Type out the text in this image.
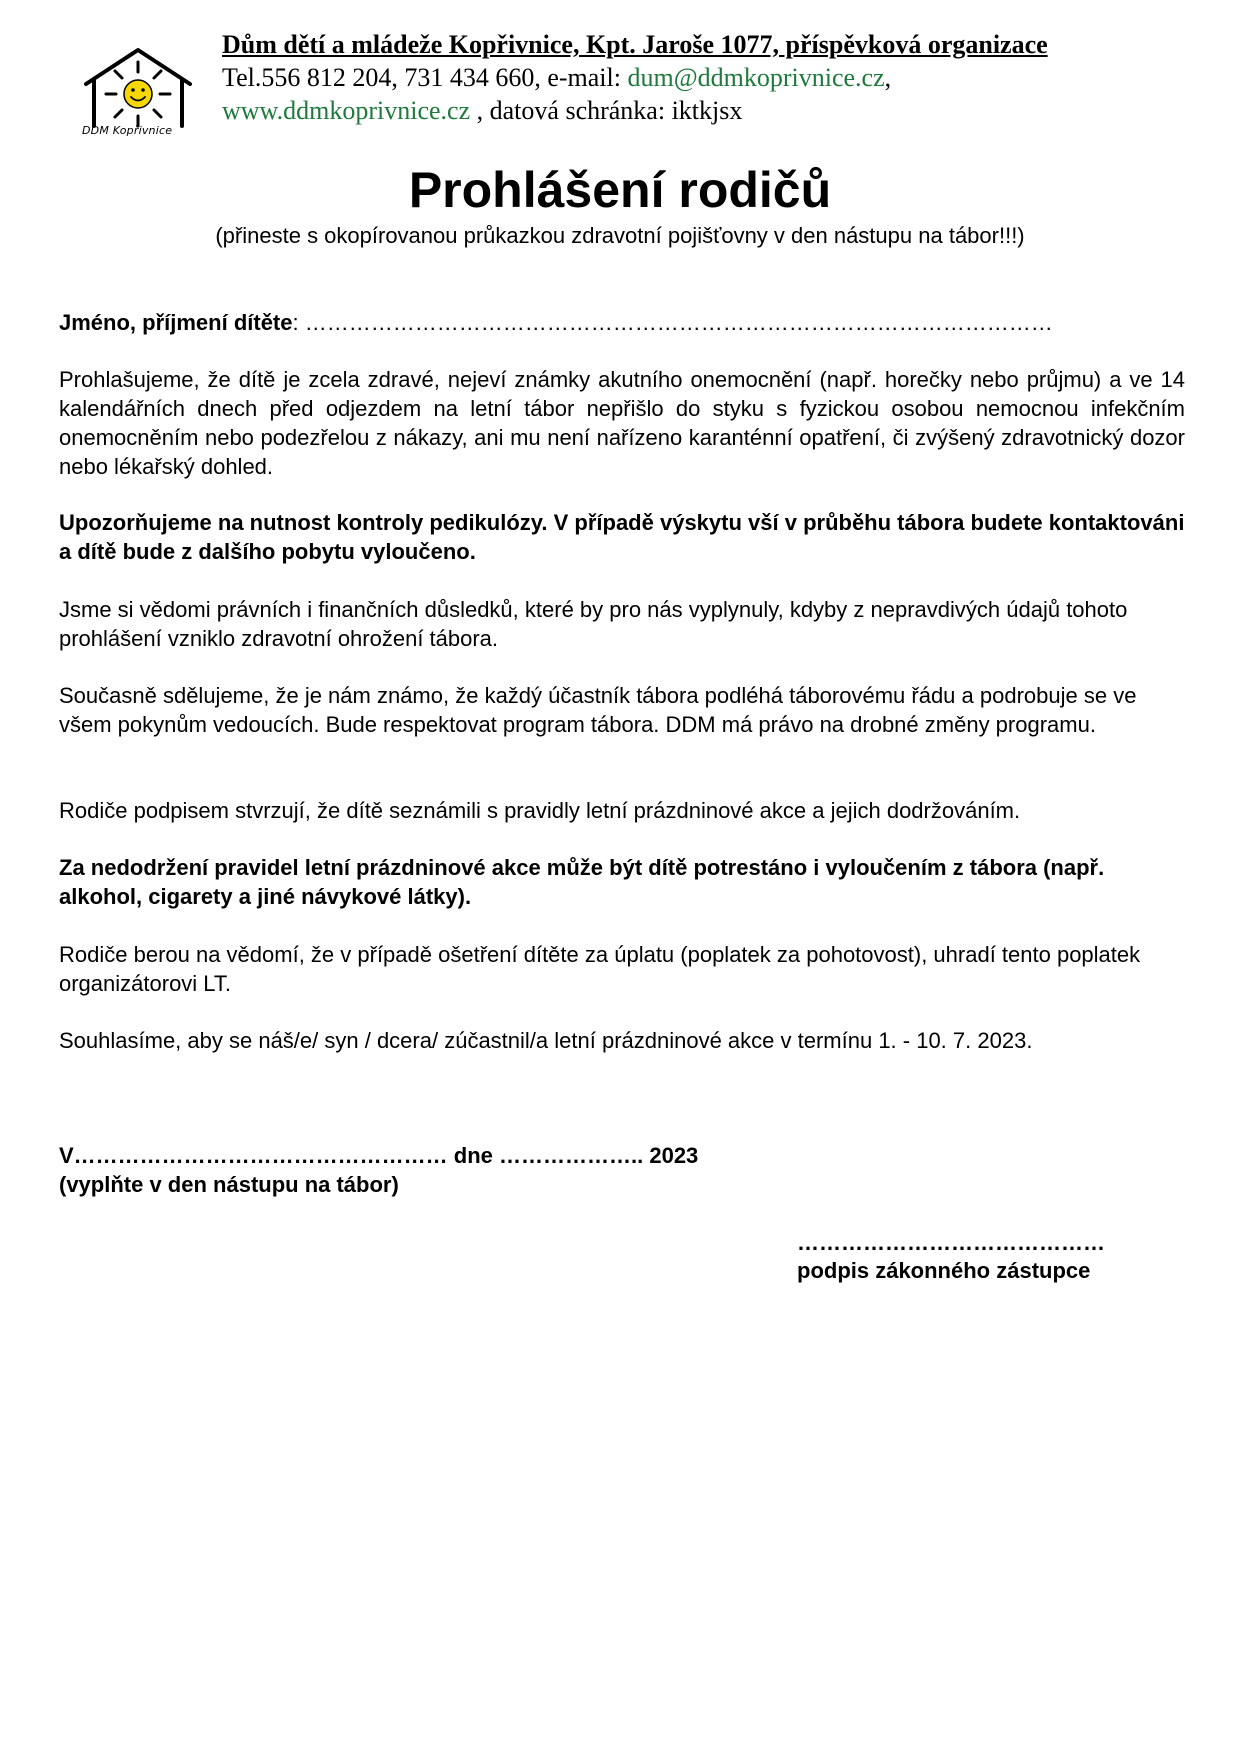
DDM Kopřivnice
Dům dětí a mládeže Kopřivnice, Kpt. Jaroše 1077, příspěvková organizace
Tel.556 812 204, 731 434 660, e-mail: dum@ddmkoprivnice.cz,
www.ddmkoprivnice.cz , datová schránka: iktkjsx
Prohlášení rodičů
(přineste s okopírovanou průkazkou zdravotní pojišťovny v den nástupu na tábor!!!)
Jméno, příjmení dítěte: …………………………………………………………………………………………
Prohlašujeme, že dítě je zcela zdravé, nejeví známky akutního onemocnění (např. horečky nebo průjmu) a ve 14 kalendářních dnech před odjezdem na letní tábor nepřišlo do styku s fyzickou osobou nemocnou infekčním onemocněním nebo podezřelou z nákazy, ani mu není nařízeno karanténní opatření, či zvýšený zdravotnický dozor nebo lékařský dohled.
Upozorňujeme na nutnost kontroly pedikulózy. V případě výskytu vší v průběhu tábora budete kontaktováni a dítě bude z dalšího pobytu vyloučeno.
Jsme si vědomi právních i finančních důsledků, které by pro nás vyplynuly, kdyby z nepravdivých údajů tohoto prohlášení vzniklo zdravotní ohrožení tábora.
Současně sdělujeme, že je nám známo, že každý účastník tábora podléhá táborovému řádu a podrobuje se ve všem pokynům vedoucích. Bude respektovat program tábora. DDM má právo na drobné změny programu.
Rodiče podpisem stvrzují, že dítě seznámili s pravidly letní prázdninové akce a jejich dodržováním.
Za nedodržení pravidel letní prázdninové akce může být dítě potrestáno i vyloučením z tábora (např. alkohol, cigarety a jiné návykové látky).
Rodiče berou na vědomí, že v případě ošetření dítěte za úplatu (poplatek za pohotovost), uhradí tento poplatek organizátorovi LT.
Souhlasíme, aby se náš/e/ syn / dcera/ zúčastnil/a letní prázdninové akce v termínu 1. - 10. 7. 2023.
V…………………………………………… dne ……………….. 2023
(vyplňte v den nástupu na tábor)
……………………………………
podpis zákonného zástupce
